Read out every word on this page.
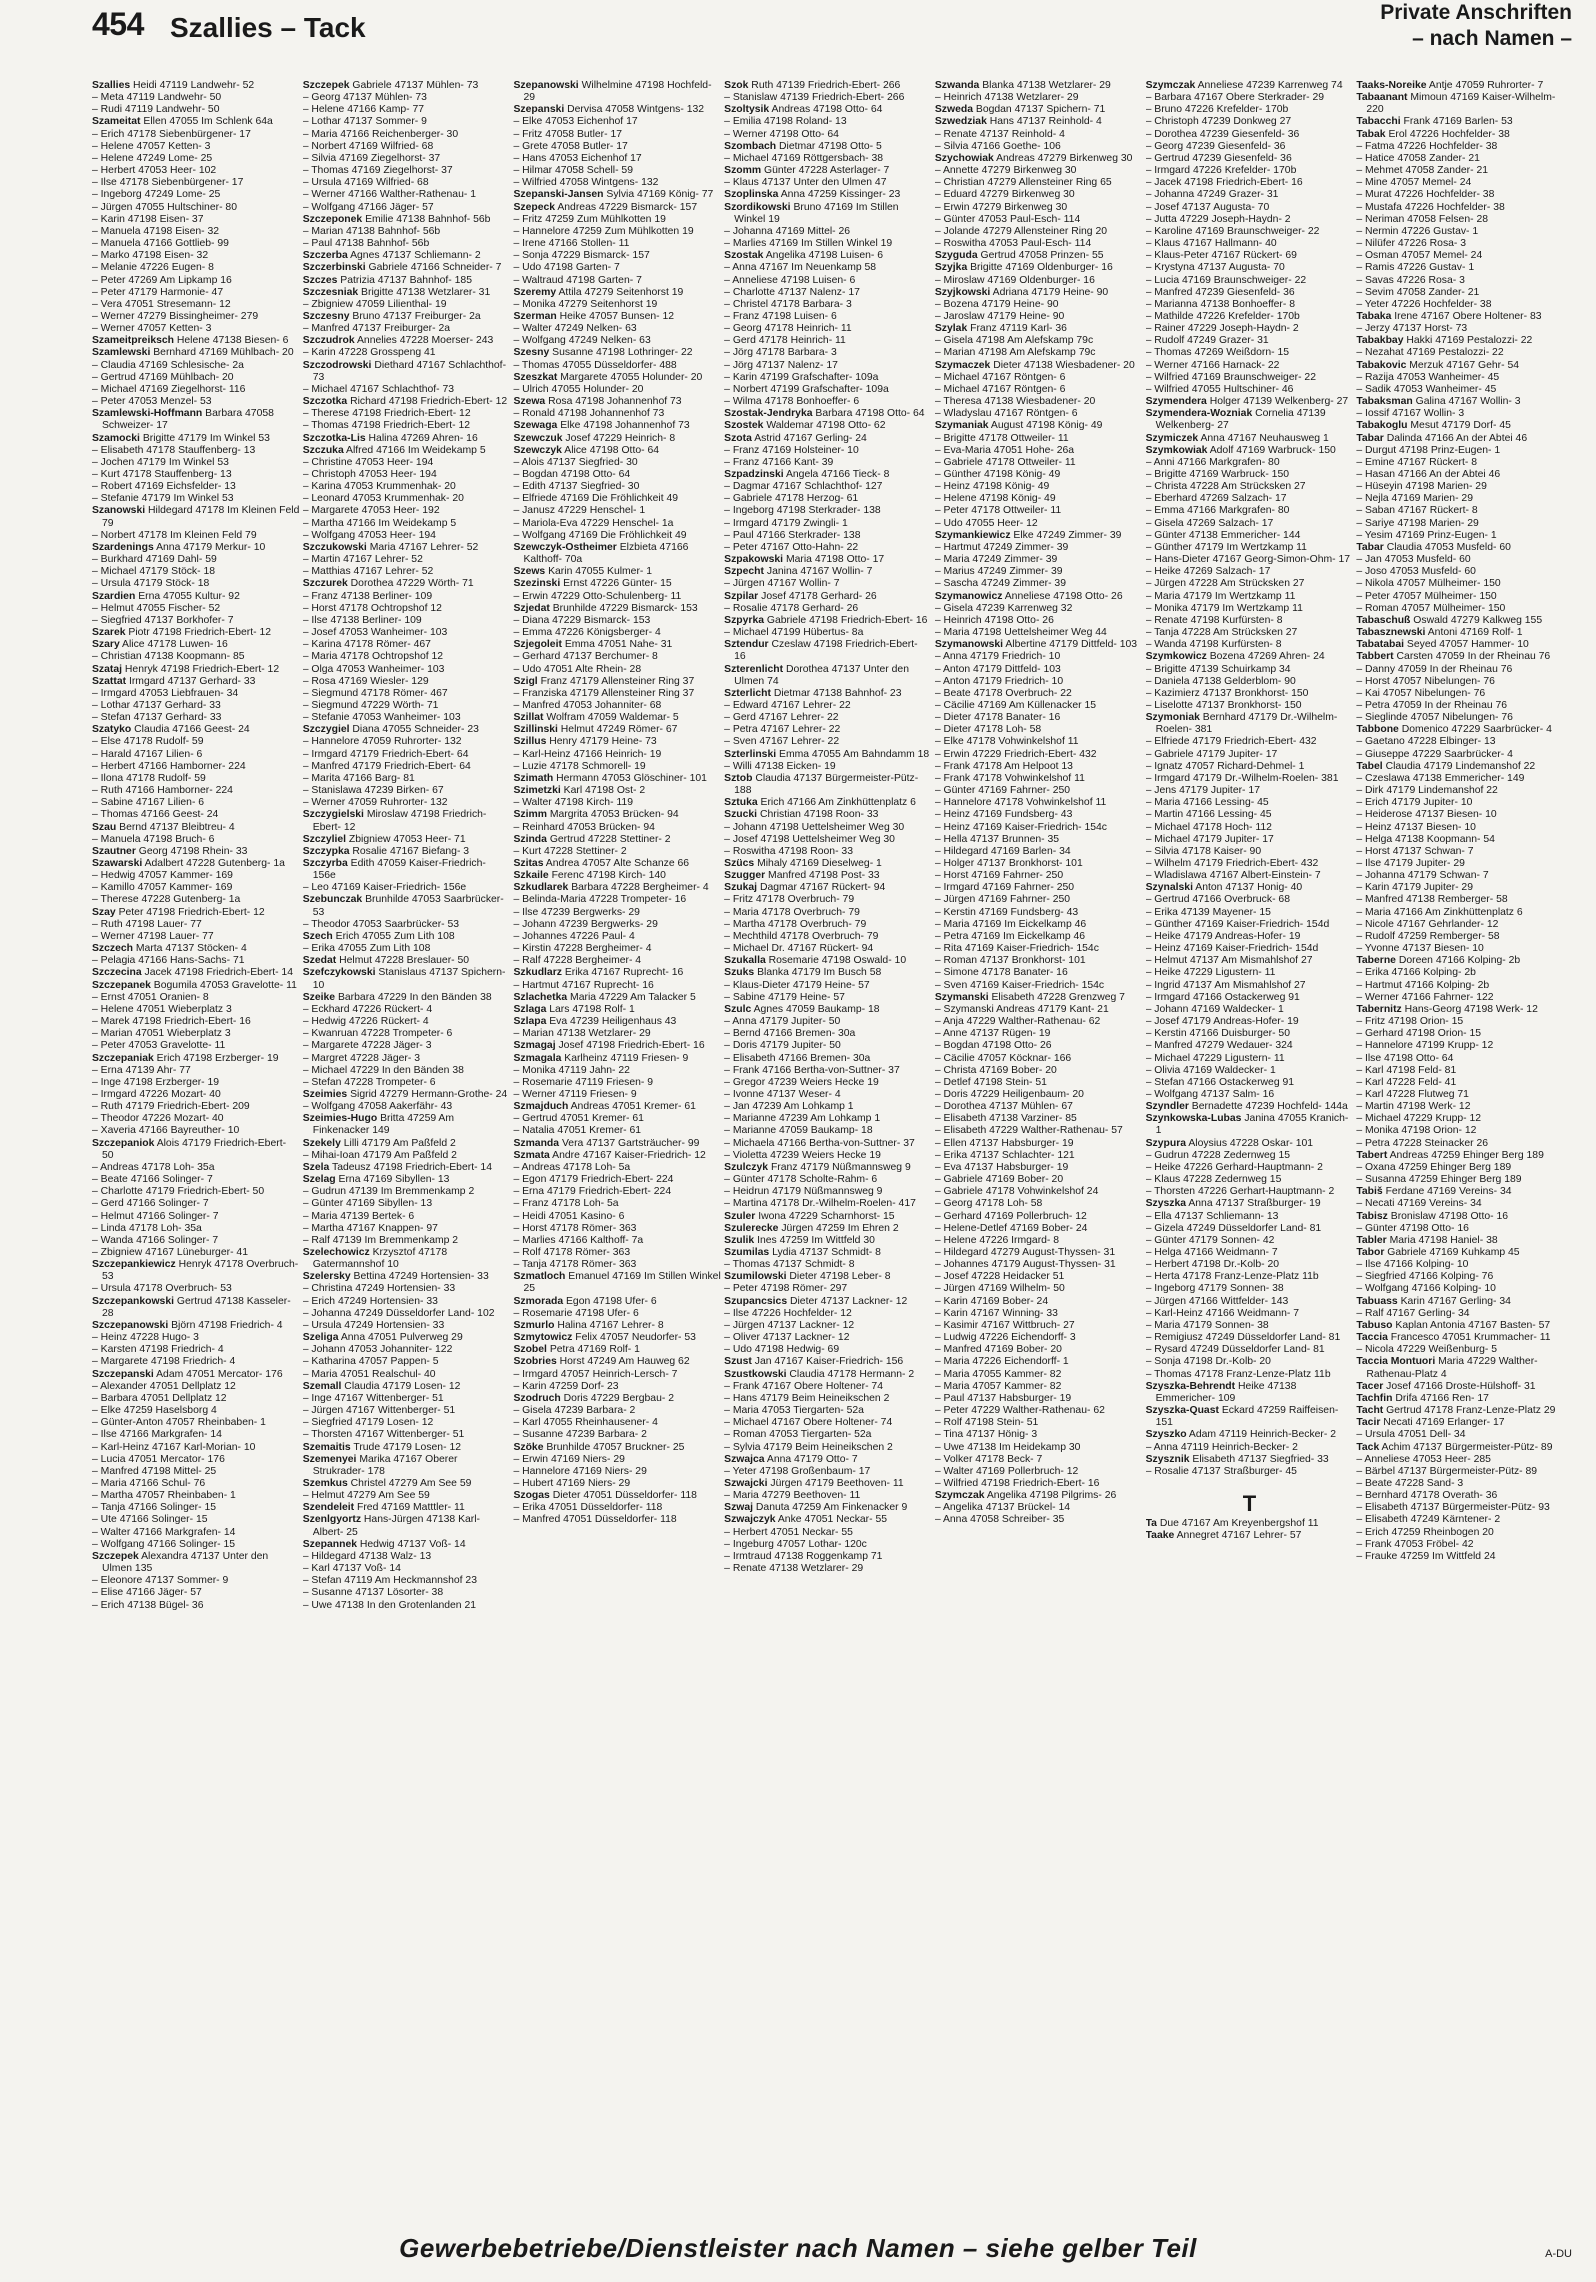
454 Szallies – Tack	Private Anschriften
– nach Namen –

Szallies Heidi 47119 Landwehr- 52

– Meta 47119 Landwehr- 50

– Rudi 47119 Landwehr- 50

Szameitat Ellen 47055 Im Schlenk 64a

– Erich 47178 Siebenbürgener- 17

– Helene 47057 Ketten- 3

– Helene 47249 Lome- 25

– Herbert 47053 Heer- 102

– Ilse 47178 Siebenbürgener- 17

– Ingeborg 47249 Lome- 25

– Jürgen 47055 Hultschiner- 80

– Karin 47198 Eisen- 37

– Manuela 47198 Eisen- 32

– Manuela 47166 Gottlieb- 99

– Marko 47198 Eisen- 32

– Melanie 47226 Eugen- 8

– Peter 47269 Am Lipkamp 16

– Peter 47179 Harmonie- 47

– Vera 47051 Stresemann- 12

– Werner 47279 Bissingheimer- 279

– Werner 47057 Ketten- 3

Szameitpreiksch Helene 47138 Biesen- 6

Szamlewski Bernhard 47169 Mühlbach- 20

– Claudia 47169 Schlesische- 2a

– Gertrud 47169 Mühlbach- 20

– Michael 47169 Ziegelhorst- 116

– Peter 47053 Menzel- 53

Szamlewski-Hoffmann Barbara 47058 Schweizer- 17

Szamocki Brigitte 47179 Im Winkel 53

– Elisabeth 47178 Stauffenberg- 13

– Jochen 47179 Im Winkel 53

– Kurt 47178 Stauffenberg- 13

– Robert 47169 Eichsfelder- 13

– Stefanie 47179 Im Winkel 53

Szanowski Hildegard 47178 Im Kleinen Feld 79

– Norbert 47178 Im Kleinen Feld 79

Szardenings Anna 47179 Merkur- 10

– Burkhard 47169 Dahl- 59

– Michael 47179 Stöck- 18

– Ursula 47179 Stöck- 18

Szardien Erna 47055 Kultur- 92

– Helmut 47055 Fischer- 52

– Siegfried 47137 Borkhofer- 7

Szarek Piotr 47198 Friedrich-Ebert- 12

Szary Alice 47178 Luwen- 16

– Christian 47138 Koopmann- 85

Szataj Henryk 47198 Friedrich-Ebert- 12

Szattat Irmgard 47137 Gerhard- 33

– Irmgard 47053 Liebfrauen- 34

– Lothar 47137 Gerhard- 33

– Stefan 47137 Gerhard- 33

Szatyko Claudia 47166 Geest- 24

– Else 47178 Rudolf- 59

– Harald 47167 Lilien- 6

– Herbert 47166 Hamborner- 224

– Ilona 47178 Rudolf- 59

– Ruth 47166 Hamborner- 224

– Sabine 47167 Lilien- 6

– Thomas 47166 Geest- 24

Szau Bernd 47137 Bleibtreu- 4

– Manuela 47198 Bruch- 6

Szautner Georg 47198 Rhein- 33

Szawarski Adalbert 47228 Gutenberg- 1a

– Hedwig 47057 Kammer- 169

– Kamillo 47057 Kammer- 169

– Therese 47228 Gutenberg- 1a

Szay Peter 47198 Friedrich-Ebert- 12

– Ruth 47198 Lauer- 77

– Werner 47198 Lauer- 77

Szczech Marta 47137 Stöcken- 4

– Pelagia 47166 Hans-Sachs- 71

Szczecina Jacek 47198 Friedrich-Ebert- 14

Szczepanek Bogumila 47053 Gravelotte- 11

– Ernst 47051 Oranien- 8

– Helene 47051 Wieberplatz 3

– Marek 47198 Friedrich-Ebert- 16

– Marian 47051 Wieberplatz 3

– Peter 47053 Gravelotte- 11

Szczepaniak Erich 47198 Erzberger- 19

– Erna 47139 Ahr- 77

– Inge 47198 Erzberger- 19

– Irmgard 47226 Mozart- 40

– Ruth 47179 Friedrich-Ebert- 209

– Theodor 47226 Mozart- 40

– Xaveria 47166 Bayreuther- 10

Szczepaniok Alois 47179 Friedrich-Ebert- 50

– Andreas 47178 Loh- 35a

– Beate 47166 Solinger- 7

– Charlotte 47179 Friedrich-Ebert- 50

– Gerd 47166 Solinger- 7

– Helmut 47166 Solinger- 7

– Linda 47178 Loh- 35a

– Wanda 47166 Solinger- 7

– Zbigniew 47167 Lüneburger- 41

Szczepankiewicz Henryk 47178 Overbruch- 53

– Ursula 47178 Overbruch- 53

Szczepankowski Gertrud 47138 Kasseler- 28

Szczepanowski Björn 47198 Friedrich- 4

– Heinz 47228 Hugo- 3

– Karsten 47198 Friedrich- 4

– Margarete 47198 Friedrich- 4

Szczepanski Adam 47051 Mercator- 176

– Alexander 47051 Dellplatz 12

– Barbara 47051 Dellplatz 12

– Elke 47259 Haselsborg 4

– Günter-Anton 47057 Rheinbaben- 1

– Ilse 47166 Markgrafen- 14

– Karl-Heinz 47167 Karl-Morian- 10

– Lucia 47051 Mercator- 176

– Manfred 47198 Mittel- 25

– Maria 47166 Schul- 76

– Martha 47057 Rheinbaben- 1

– Tanja 47166 Solinger- 15

– Ute 47166 Solinger- 15

– Walter 47166 Markgrafen- 14

– Wolfgang 47166 Solinger- 15

Szczepek Alexandra 47137 Unter den Ulmen 135

– Eleonore 47137 Sommer- 9

– Elise 47166 Jäger- 57

– Erich 47138 Bügel- 36

Szczepek Gabriele 47137 Mühlen- 73

– Georg 47137 Mühlen- 73

– Helene 47166 Kamp- 77

– Lothar 47137 Sommer- 9

– Maria 47166 Reichenberger- 30

– Norbert 47169 Wilfried- 68

– Silvia 47169 Ziegelhorst- 37

– Thomas 47169 Ziegelhorst- 37

– Ursula 47169 Wilfried- 68

– Werner 47166 Walther-Rathenau- 1

– Wolfgang 47166 Jäger- 57

Szczeponek Emilie 47138 Bahnhof- 56b

– Marian 47138 Bahnhof- 56b

– Paul 47138 Bahnhof- 56b

Szczerba Agnes 47137 Schliemann- 2

Szczerbinski Gabriele 47166 Schneider- 7

Szczes Patrizia 47137 Bahnhof- 185

Szczesniak Brigitte 47138 Wetzlarer- 31

– Zbigniew 47059 Lilienthal- 19

Szczesny Bruno 47137 Freiburger- 2a

– Manfred 47137 Freiburger- 2a

Szczudrok Annelies 47228 Moerser- 243

– Karin 47228 Grosspeng 41

Szczodrowski Diethard 47167 Schlachthof- 73

– Michael 47167 Schlachthof- 73

Szczotka Richard 47198 Friedrich-Ebert- 12

– Therese 47198 Friedrich-Ebert- 12

– Thomas 47198 Friedrich-Ebert- 12

Szczotka-Lis Halina 47269 Ahren- 16

Szczuka Alfred 47166 Im Weidekamp 5

– Christine 47053 Heer- 194

– Christoph 47053 Heer- 194

– Karina 47053 Krummenhak- 20

– Leonard 47053 Krummenhak- 20

– Margarete 47053 Heer- 192

– Martha 47166 Im Weidekamp 5

– Wolfgang 47053 Heer- 194

Szczukowski Maria 47167 Lehrer- 52

– Martin 47167 Lehrer- 52

– Matthias 47167 Lehrer- 52

Szczurek Dorothea 47229 Wörth- 71

– Franz 47138 Berliner- 109

– Horst 47178 Ochtropshof 12

– Ilse 47138 Berliner- 109

– Josef 47053 Wanheimer- 103

– Karina 47178 Römer- 467

– Maria 47178 Ochtropshof 12

– Olga 47053 Wanheimer- 103

– Rosa 47169 Wiesler- 129

– Siegmund 47178 Römer- 467

– Siegmund 47229 Wörth- 71

– Stefanie 47053 Wanheimer- 103

Szczygiel Diana 47055 Schneider- 23

– Hannelore 47059 Ruhrorter- 132

– Irmgard 47179 Friedrich-Ebert- 64

– Manfred 47179 Friedrich-Ebert- 64

– Marita 47166 Barg- 81

– Stanislawa 47239 Birken- 67

– Werner 47059 Ruhrorter- 132

Szczygielski Miroslaw 47198 Friedrich-Ebert- 12

Szczyliel Zbigniew 47053 Heer- 71

Szczypka Rosalie 47167 Biefang- 3

Szczyrba Edith 47059 Kaiser-Friedrich- 156e

– Leo 47169 Kaiser-Friedrich- 156e

Szebunczak Brunhilde 47053 Saarbrücker- 53

– Theodor 47053 Saarbrücker- 53

Szech Erich 47055 Zum Lith 108

– Erika 47055 Zum Lith 108

Szedat Helmut 47228 Breslauer- 50

Szefczykowski Stanislaus 47137 Spichern- 10

Szeike Barbara 47229 In den Bänden 38

– Eckhard 47226 Rückert- 4

– Hedwig 47226 Rückert- 4

– Kwanruan 47228 Trompeter- 6

– Margarete 47228 Jäger- 3

– Margret 47228 Jäger- 3

– Michael 47229 In den Bänden 38

– Stefan 47228 Trompeter- 6

Szeimies Sigrid 47279 Hermann-Grothe- 24

– Wolfgang 47058 Aakerfähr- 43

Szeimies-Hugo Britta 47259 Am Finkenacker 149

Szekely Lilli 47179 Am Paßfeld 2

– Mihai-Ioan 47179 Am Paßfeld 2

Szela Tadeusz 47198 Friedrich-Ebert- 14

Szelag Erna 47169 Sibyllen- 13

– Gudrun 47139 Im Bremmenkamp 2

– Günter 47169 Sibyllen- 13

– Maria 47139 Bertek- 6

– Martha 47167 Knappen- 97

– Ralf 47139 Im Bremmenkamp 2

Szelechowicz Krzysztof 47178 Gatermannshof 10

Szelersky Bettina 47249 Hortensien- 33

– Christina 47249 Hortensien- 33

– Erich 47249 Hortensien- 33

– Johanna 47249 Düsseldorfer Land- 102

– Ursula 47249 Hortensien- 33

Szeliga Anna 47051 Pulverweg 29

– Johann 47053 Johanniter- 122

– Katharina 47057 Pappen- 5

– Maria 47051 Realschul- 40

Szemall Claudia 47179 Losen- 12

– Inge 47167 Wittenberger- 51

– Jürgen 47167 Wittenberger- 51

– Siegfried 47179 Losen- 12

– Thorsten 47167 Wittenberger- 51

Szemaitis Trude 47179 Losen- 12

Szemenyei Marika 47167 Oberer Strukrader- 178

Szemkus Christel 47279 Am See 59

– Helmut 47279 Am See 59

Szendeleit Fred 47169 Matttler- 11

Szenlgyortz Hans-Jürgen 47138 Karl-Albert- 25

Szepannek Hedwig 47137 Voß- 14

– Hildegard 47138 Walz- 13

– Karl 47137 Voß- 14

– Stefan 47119 Am Heckmannshof 23

– Susanne 47137 Lösorter- 38

– Uwe 47138 In den Grotenlanden 21

Szepanowski Wilhelmine 47198 Hochfeld- 29

Szepanski Dervisa 47058 Wintgens- 132

– Elke 47053 Eichenhof 17

– Fritz 47058 Butler- 17

– Grete 47058 Butler- 17

– Hans 47053 Eichenhof 17

– Hilmar 47058 Schell- 59

– Wilfried 47058 Wintgens- 132

Szepanski-Jansen Sylvia 47169 König- 77

Szepeck Andreas 47229 Bismarck- 157

– Fritz 47259 Zum Mühlkotten 19

– Hannelore 47259 Zum Mühlkotten 19

– Irene 47166 Stollen- 11

– Sonja 47229 Bismarck- 157

– Udo 47198 Garten- 7

– Waltraud 47198 Garten- 7

Szeremy Attila 47279 Seitenhorst 19

– Monika 47279 Seitenhorst 19

Szerman Heike 47057 Bunsen- 12

– Walter 47249 Nelken- 63

– Wolfgang 47249 Nelken- 63

Szesny Susanne 47198 Lothringer- 22

– Thomas 47055 Düsseldorfer- 488

Szeszkat Margarete 47055 Holunder- 20

– Ulrich 47055 Holunder- 20

Szewa Rosa 47198 Johannenhof 73

– Ronald 47198 Johannenhof 73

Szewaga Elke 47198 Johannenhof 73

Szewczuk Josef 47229 Heinrich- 8

Szewczyk Alice 47198 Otto- 64

– Alois 47137 Siegfried- 30

– Bogdan 47198 Otto- 64

– Edith 47137 Siegfried- 30

– Elfriede 47169 Die Fröhlichkeit 49

– Janusz 47229 Henschel- 1

– Mariola-Eva 47229 Henschel- 1a

– Wolfgang 47169 Die Fröhlichkeit 49

Szewczyk-Ostheimer Elzbieta 47166 Kalthoff- 70a

Szews Karin 47055 Kulmer- 1

Szezinski Ernst 47226 Günter- 15

– Erwin 47229 Otto-Schulenberg- 11

Szjedat Brunhilde 47229 Bismarck- 153

– Diana 47229 Bismarck- 153

– Emma 47226 Königsberger- 4

Szjegoleit Emma 47051 Nahe- 31

– Gerhard 47137 Berchumer- 8

– Udo 47051 Alte Rhein- 28

Szigl Franz 47179 Allensteiner Ring 37

– Franziska 47179 Allensteiner Ring 37

– Manfred 47053 Johanniter- 68

Szillat Wolfram 47059 Waldemar- 5

Szillinski Helmut 47249 Römer- 67

Szillus Henry 47179 Heine- 73

– Karl-Heinz 47166 Heinrich- 19

– Luzie 47178 Schmorell- 19

Szimath Hermann 47053 Glöschiner- 101

Szimetzki Karl 47198 Ost- 2

– Walter 47198 Kirch- 119

Szimm Margrita 47053 Brücken- 94

– Reinhard 47053 Brücken- 94

Szinda Gertrud 47228 Stettiner- 2

– Kurt 47228 Stettiner- 2

Szitas Andrea 47057 Alte Schanze 66

Szkaile Ferenc 47198 Kirch- 140

Szkudlarek Barbara 47228 Bergheimer- 4

– Belinda-Maria 47228 Trompeter- 16

– Ilse 47239 Bergwerks- 29

– Johann 47239 Bergwerks- 29

– Johannes 47226 Paul- 4

– Kirstin 47228 Bergheimer- 4

– Ralf 47228 Bergheimer- 4

Szkudlarz Erika 47167 Ruprecht- 16

– Hartmut 47167 Ruprecht- 16

Szlachetka Maria 47229 Am Talacker 5

Szlaga Lars 47198 Rolf- 1

Szlapa Eva 47239 Heiligenhaus 43

– Marian 47138 Wetzlarer- 29

Szmagaj Josef 47198 Friedrich-Ebert- 16

Szmagala Karlheinz 47119 Friesen- 9

– Monika 47119 Jahn- 22

– Rosemarie 47119 Friesen- 9

– Werner 47119 Friesen- 9

Szmajduch Andreas 47051 Kremer- 61

– Gertrud 47051 Kremer- 61

– Natalia 47051 Kremer- 61

Szmanda Vera 47137 Gartsträucher- 99

Szmata Andre 47167 Kaiser-Friedrich- 12

– Andreas 47178 Loh- 5a

– Egon 47179 Friedrich-Ebert- 224

– Erna 47179 Friedrich-Ebert- 224

– Franz 47178 Loh- 5a

– Heidi 47051 Kasino- 6

– Horst 47178 Römer- 363

– Marlies 47166 Kalthoff- 7a

– Rolf 47178 Römer- 363

– Tanja 47178 Römer- 363

Szmatloch Emanuel 47169 Im Stillen Winkel 25

Szmorada Egon 47198 Ufer- 6

– Rosemarie 47198 Ufer- 6

Szmurlo Halina 47167 Lehrer- 8

Szmytowicz Felix 47057 Neudorfer- 53

Szobel Petra 47169 Rolf- 1

Szobries Horst 47249 Am Hauweg 62

– Irmgard 47057 Heinrich-Lersch- 7

– Karin 47259 Dorf- 23

Szodruch Doris 47229 Bergbau- 2

– Gisela 47239 Barbara- 2

– Karl 47055 Rheinhausener- 4

– Susanne 47239 Barbara- 2

Szöke Brunhilde 47057 Bruckner- 25

– Erwin 47169 Niers- 29

– Hannelore 47169 Niers- 29

– Hubert 47169 Niers- 29

Szogas Dieter 47051 Düsseldorfer- 118

– Erika 47051 Düsseldorfer- 118

– Manfred 47051 Düsseldorfer- 118

Szok Ruth 47139 Friedrich-Ebert- 266

– Stanislaw 47139 Friedrich-Ebert- 266

Szoltysik Andreas 47198 Otto- 64

– Emilia 47198 Roland- 13

– Werner 47198 Otto- 64

Szombach Dietmar 47198 Otto- 5

– Michael 47169 Röttgersbach- 38

Szomm Günter 47228 Asterlager- 7

– Klaus 47137 Unter den Ulmen 47

Szoplinska Anna 47259 Kissinger- 23

Szordikowski Bruno 47169 Im Stillen Winkel 19

– Johanna 47169 Mittel- 26

– Marlies 47169 Im Stillen Winkel 19

Szostak Angelika 47198 Luisen- 6

– Anna 47167 Im Neuenkamp 58

– Anneliese 47198 Luisen- 6

– Charlotte 47137 Nalenz- 17

– Christel 47178 Barbara- 3

– Franz 47198 Luisen- 6

– Georg 47178 Heinrich- 11

– Gerd 47178 Heinrich- 11

– Jörg 47178 Barbara- 3

– Jörg 47137 Nalenz- 17

– Karin 47199 Grafschafter- 109a

– Norbert 47199 Grafschafter- 109a

– Wilma 47178 Bonhoeffer- 6

Szostak-Jendryka Barbara 47198 Otto- 64

Szostek Waldemar 47198 Otto- 62

Szota Astrid 47167 Gerling- 24

– Franz 47169 Holsteiner- 10

– Franz 47166 Kant- 39

Szpadzinski Angela 47166 Tieck- 8

– Dagmar 47167 Schlachthof- 127

– Gabriele 47178 Herzog- 61

– Ingeborg 47198 Sterkrader- 138

– Irmgard 47179 Zwingli- 1

– Paul 47166 Sterkrader- 138

– Peter 47167 Otto-Hahn- 22

Szpakowski Maria 47198 Otto- 17

Szpecht Janina 47167 Wollin- 7

– Jürgen 47167 Wollin- 7

Szpilar Josef 47178 Gerhard- 26

– Rosalie 47178 Gerhard- 26

Szpyrka Gabriele 47198 Friedrich-Ebert- 16

– Michael 47199 Hübertus- 8a

Sztendur Czeslaw 47198 Friedrich-Ebert- 16

Szterenlicht Dorothea 47137 Unter den Ulmen 74

Szterlicht Dietmar 47138 Bahnhof- 23

– Edward 47167 Lehrer- 22

– Gerd 47167 Lehrer- 22

– Petra 47167 Lehrer- 22

– Sven 47167 Lehrer- 22

Szterlinski Emma 47055 Am Bahndamm 18

– Willi 47138 Eicken- 19

Sztob Claudia 47137 Bürgermeister-Pütz- 188

Sztuka Erich 47166 Am Zinkhüttenplatz 6

Szucki Christian 47198 Roon- 33

– Johann 47198 Uettelsheimer Weg 30

– Josef 47198 Uettelsheimer Weg 30

– Roswitha 47198 Roon- 33

Szücs Mihaly 47169 Dieselweg- 1

Szugger Manfred 47198 Post- 33

Szukaj Dagmar 47167 Rückert- 94

– Fritz 47178 Overbruch- 79

– Maria 47178 Overbruch- 79

– Martha 47178 Overbruch- 79

– Mechthild 47178 Overbruch- 79

– Michael Dr. 47167 Rückert- 94

Szukalla Rosemarie 47198 Oswald- 10

Szuks Blanka 47179 Im Busch 58

– Klaus-Dieter 47179 Heine- 57

– Sabine 47179 Heine- 57

Szulc Agnes 47059 Baukamp- 18

– Anna 47179 Jupiter- 50

– Bernd 47166 Bremen- 30a

– Doris 47179 Jupiter- 50

– Elisabeth 47166 Bremen- 30a

– Frank 47166 Bertha-von-Suttner- 37

– Gregor 47239 Weiers Hecke 19

– Ivonne 47137 Weser- 4

– Jan 47239 Am Lohkamp 1

– Marianne 47239 Am Lohkamp 1

– Marianne 47059 Baukamp- 18

– Michaela 47166 Bertha-von-Suttner- 37

– Violetta 47239 Weiers Hecke 19

Szulczyk Franz 47179 Nüßmannsweg 9

– Günter 47178 Scholte-Rahm- 6

– Heidrun 47179 Nüßmannsweg 9

– Martina 47178 Dr.-Wilhelm-Roelen- 417

Szuler Iwona 47229 Scharnhorst- 15

Szulerecke Jürgen 47259 Im Ehren 2

Szulik Ines 47259 Im Wittfeld 30

Szumilas Lydia 47137 Schmidt- 8

– Thomas 47137 Schmidt- 8

Szumilowski Dieter 47198 Leber- 8

– Peter 47198 Römer- 297

Szupancsics Dieter 47137 Lackner- 12

– Ilse 47226 Hochfelder- 12

– Jürgen 47137 Lackner- 12

– Oliver 47137 Lackner- 12

– Udo 47198 Hedwig- 69

Szust Jan 47167 Kaiser-Friedrich- 156

Szustkowski Claudia 47178 Hermann- 2

– Frank 47167 Obere Holtener- 74

– Hans 47179 Beim Heineikschen 2

– Maria 47053 Tiergarten- 52a

– Michael 47167 Obere Holtener- 74

– Roman 47053 Tiergarten- 52a

– Sylvia 47179 Beim Heineikschen 2

Szwajca Anna 47179 Otto- 7

– Yeter 47198 Großenbaum- 17

Szwajcki Jürgen 47179 Beethoven- 11

– Maria 47279 Beethoven- 11

Szwaj Danuta 47259 Am Finkenacker 9

Szwajczyk Anke 47051 Neckar- 55

– Herbert 47051 Neckar- 55

– Ingeburg 47057 Lothar- 120c

– Irmtraud 47138 Roggenkamp 71

– Renate 47138 Wetzlarer- 29

Szwanda Blanka 47138 Wetzlarer- 29

– Heinrich 47138 Wetzlarer- 29

Szweda Bogdan 47137 Spichern- 71

Szwedziak Hans 47137 Reinhold- 4

– Renate 47137 Reinhold- 4

– Silvia 47166 Goethe- 106

Szychowiak Andreas 47279 Birkenweg 30

– Annette 47279 Birkenweg 30

– Christian 47279 Allensteiner Ring 65

– Eduard 47279 Birkenweg 30

– Erwin 47279 Birkenweg 30

– Günter 47053 Paul-Esch- 114

– Jolande 47279 Allensteiner Ring 20

– Roswitha 47053 Paul-Esch- 114

Szyguda Gertrud 47058 Prinzen- 55

Szyjka Brigitte 47169 Oldenburger- 16

– Miroslaw 47169 Oldenburger- 16

Szyjkowski Adriana 47179 Heine- 90

– Bozena 47179 Heine- 90

– Jaroslaw 47179 Heine- 90

Szylak Franz 47119 Karl- 36

– Gisela 47198 Am Alefskamp 79c

– Marian 47198 Am Alefskamp 79c

Szymaczek Dieter 47138 Wiesbadener- 20

– Michael 47167 Röntgen- 6

– Michael 47167 Röntgen- 6

– Theresa 47138 Wiesbadener- 20

– Wladyslau 47167 Röntgen- 6

Szymaniak August 47198 König- 49

– Brigitte 47178 Ottweiler- 11

– Eva-Maria 47051 Hohe- 26a

– Gabriele 47178 Ottweiler- 11

– Günther 47198 König- 49

– Heinz 47198 König- 49

– Helene 47198 König- 49

– Peter 47178 Ottweiler- 11

– Udo 47055 Heer- 12

Szymankiewicz Elke 47249 Zimmer- 39

– Hartmut 47249 Zimmer- 39

– Maria 47249 Zimmer- 39

– Marius 47249 Zimmer- 39

– Sascha 47249 Zimmer- 39

Szymanowicz Anneliese 47198 Otto- 26

– Gisela 47239 Karrenweg 32

– Heinrich 47198 Otto- 26

– Maria 47198 Uettelsheimer Weg 44

Szymanowski Albertine 47179 Dittfeld- 103

– Anna 47179 Friedrich- 10

– Anton 47179 Dittfeld- 103

– Anton 47179 Friedrich- 10

– Beate 47178 Overbruch- 22

– Cäcilie 47169 Am Küllenacker 15

– Dieter 47178 Banater- 16

– Dieter 47178 Loh- 58

– Elke 47178 Vohwinkelshof 11

– Erwin 47229 Friedrich-Ebert- 432

– Frank 47178 Am Helpoot 13

– Frank 47178 Vohwinkelshof 11

– Günter 47169 Fahrner- 250

– Hannelore 47178 Vohwinkelshof 11

– Heinz 47169 Fundsberg- 43

– Heinz 47169 Kaiser-Friedrich- 154c

– Hella 47137 Brunnen- 35

– Hildegard 47169 Barlen- 34

– Holger 47137 Bronkhorst- 101

– Horst 47169 Fahrner- 250

– Irmgard 47169 Fahrner- 250

– Jürgen 47169 Fahrner- 250

– Kerstin 47169 Fundsberg- 43

– Maria 47169 Im Eickelkamp 46

– Petra 47169 Im Eickelkamp 46

– Rita 47169 Kaiser-Friedrich- 154c

– Roman 47137 Bronkhorst- 101

– Simone 47178 Banater- 16

– Sven 47169 Kaiser-Friedrich- 154c

Szymanski Elisabeth 47228 Grenzweg 7

– Szymanski Andreas 47179 Kant- 21

– Anja 47229 Walther-Rathenau- 62

– Anne 47137 Rügen- 19

– Bogdan 47198 Otto- 26

– Cäcilie 47057 Köcknar- 166

– Christa 47169 Bober- 20

– Detlef 47198 Stein- 51

– Doris 47229 Heiligenbaum- 20

– Dorothea 47137 Mühlen- 67

– Elisabeth 47138 Varziner- 85

– Elisabeth 47229 Walther-Rathenau- 57

– Ellen 47137 Habsburger- 19

– Erika 47137 Schlachter- 121

– Eva 47137 Habsburger- 19

– Gabriele 47169 Bober- 20

– Gabriele 47178 Vohwinkelshof 24

– Georg 47178 Loh- 58

– Gerhard 47169 Pollerbruch- 12

– Helene-Detlef 47169 Bober- 24

– Helene 47226 Irmgard- 8

– Hildegard 47279 August-Thyssen- 31

– Johannes 47179 August-Thyssen- 31

– Josef 47228 Heidacker 51

– Jürgen 47169 Wilhelm- 50

– Karin 47169 Bober- 24

– Karin 47167 Winning- 33

– Kasimir 47167 Wittbruch- 27

– Ludwig 47226 Eichendorff- 3

– Manfred 47169 Bober- 20

– Maria 47226 Eichendorff- 1

– Maria 47055 Kammer- 82

– Maria 47057 Kammer- 82

– Paul 47137 Habsburger- 19

– Peter 47229 Walther-Rathenau- 62

– Rolf 47198 Stein- 51

– Tina 47137 Hönig- 3

– Uwe 47138 Im Heidekamp 30

– Volker 47178 Beck- 7

– Walter 47169 Pollerbruch- 12

– Wilfried 47198 Friedrich-Ebert- 16

Szymczak Angelika 47198 Pilgrims- 26

– Angelika 47137 Brückel- 14

– Anna 47058 Schreiber- 35

Szymczak Anneliese 47239 Karrenweg 74

– Barbara 47167 Obere Sterkrader- 29

– Bruno 47226 Krefelder- 170b

– Christoph 47239 Donkweg 27

– Dorothea 47239 Giesenfeld- 36

– Georg 47239 Giesenfeld- 36

– Gertrud 47239 Giesenfeld- 36

– Irmgard 47226 Krefelder- 170b

– Jacek 47198 Friedrich-Ebert- 16

– Johanna 47249 Grazer- 31

– Josef 47137 Augusta- 70

– Jutta 47229 Joseph-Haydn- 2

– Karoline 47169 Braunschweiger- 22

– Klaus 47167 Hallmann- 40

– Klaus-Peter 47167 Rückert- 69

– Krystyna 47137 Augusta- 70

– Lucia 47169 Braunschweiger- 22

– Manfred 47239 Giesenfeld- 36

– Marianna 47138 Bonhoeffer- 8

– Mathilde 47226 Krefelder- 170b

– Rainer 47229 Joseph-Haydn- 2

– Rudolf 47249 Grazer- 31

– Thomas 47269 Weißdorn- 15

– Werner 47166 Harnack- 22

– Wilfried 47169 Braunschweiger- 22

– Wilfried 47055 Hultschiner- 46

Szymendera Holger 47139 Welkenberg- 27

Szymendera-Wozniak Cornelia 47139 Welkenberg- 27

Szymiczek Anna 47167 Neuhausweg 1

Szymkowiak Adolf 47169 Warbruck- 150

– Anni 47166 Markgrafen- 80

– Brigitte 47169 Warbruck- 150

– Christa 47228 Am Strücksken 27

– Eberhard 47269 Salzach- 17

– Emma 47166 Markgrafen- 80

– Gisela 47269 Salzach- 17

– Günter 47138 Emmericher- 144

– Günther 47179 Im Wertzkamp 11

– Hans-Dieter 47167 Georg-Simon-Ohm- 17

– Heike 47269 Salzach- 17

– Jürgen 47228 Am Strücksken 27

– Maria 47179 Im Wertzkamp 11

– Monika 47179 Im Wertzkamp 11

– Renate 47198 Kurfürsten- 8

– Tanja 47228 Am Strücksken 27

– Wanda 47198 Kurfürsten- 8

Szymkowicz Bozena 47269 Ahren- 24

– Brigitte 47139 Schuirkamp 34

– Daniela 47138 Gelderblom- 90

– Kazimierz 47137 Bronkhorst- 150

– Liselotte 47137 Bronkhorst- 150

Szymoniak Bernhard 47179 Dr.-Wilhelm-Roelen- 381

– Elfriede 47179 Friedrich-Ebert- 432

– Gabriele 47179 Jupiter- 17

– Ignatz 47057 Richard-Dehmel- 1

– Irmgard 47179 Dr.-Wilhelm-Roelen- 381

– Jens 47179 Jupiter- 17

– Maria 47166 Lessing- 45

– Martin 47166 Lessing- 45

– Michael 47178 Hoch- 112

– Michael 47179 Jupiter- 17

– Silvia 47178 Kaiser- 90

– Wilhelm 47179 Friedrich-Ebert- 432

– Wladislawa 47167 Albert-Einstein- 7

Szynalski Anton 47137 Honig- 40

– Gertrud 47166 Overbruck- 68

– Erika 47139 Mayener- 15

– Günther 47169 Kaiser-Friedrich- 154d

– Heike 47179 Andreas-Hofer- 19

– Heinz 47169 Kaiser-Friedrich- 154d

– Helmut 47137 Am Mismahlshof 27

– Heike 47229 Ligustern- 11

– Ingrid 47137 Am Mismahlshof 27

– Irmgard 47166 Ostackerweg 91

– Johann 47169 Waldecker- 1

– Josef 47179 Andreas-Hofer- 19

– Kerstin 47166 Duisburger- 50

– Manfred 47279 Wedauer- 324

– Michael 47229 Ligustern- 11

– Olivia 47169 Waldecker- 1

– Stefan 47166 Ostackerweg 91

– Wolfgang 47137 Salm- 16

Szyndler Bernadette 47239 Hochfeld- 144a

Szynkowska-Lubas Janina 47055 Kranich- 1

Szypura Aloysius 47228 Oskar- 101

– Gudrun 47228 Zedernweg 15

– Heike 47226 Gerhard-Hauptmann- 2

– Klaus 47228 Zedernweg 15

– Thorsten 47226 Gerhart-Hauptmann- 2

Szyszka Anna 47137 Straßburger- 19

– Ella 47137 Schliemann- 13

– Gizela 47249 Düsseldorfer Land- 81

– Günter 47179 Sonnen- 42

– Helga 47166 Weidmann- 7

– Herbert 47198 Dr.-Kolb- 20

– Herta 47178 Franz-Lenze-Platz 11b

– Ingeborg 47179 Sonnen- 38

– Jürgen 47166 Wittfelder- 143

– Karl-Heinz 47166 Weidmann- 7

– Maria 47179 Sonnen- 38

– Remigiusz 47249 Düsseldorfer Land- 81

– Rysard 47249 Düsseldorfer Land- 81

– Sonja 47198 Dr.-Kolb- 20

– Thomas 47178 Franz-Lenze-Platz 11b

Szyszka-Behrendt Heike 47138 Emmericher- 109

Szyszka-Quast Eckard 47259 Raiffeisen- 151

Szyszko Adam 47119 Heinrich-Becker- 2

– Anna 47119 Heinrich-Becker- 2

Szysznik Elisabeth 47137 Siegfried- 33

– Rosalie 47137 Straßburger- 45

T

Ta Due 47167 Am Kreyenbergshof 11

Taake Annegret 47167 Lehrer- 57

Taaks-Noreike Antje 47059 Ruhrorter- 7

Tabaanant Mimoun 47169 Kaiser-Wilhelm- 220

Tabacchi Frank 47169 Barlen- 53

Tabak Erol 47226 Hochfelder- 38

– Fatma 47226 Hochfelder- 38

– Hatice 47058 Zander- 21

– Mehmet 47058 Zander- 21

– Mine 47057 Memel- 24

– Murat 47226 Hochfelder- 38

– Mustafa 47226 Hochfelder- 38

– Neriman 47058 Felsen- 28

– Nermin 47226 Gustav- 1

– Nilüfer 47226 Rosa- 3

– Osman 47057 Memel- 24

– Ramis 47226 Gustav- 1

– Savas 47226 Rosa- 3

– Sevim 47058 Zander- 21

– Yeter 47226 Hochfelder- 38

Tabaka Irene 47167 Obere Holtener- 83

– Jerzy 47137 Horst- 73

Tabakbay Hakki 47169 Pestalozzi- 22

– Nezahat 47169 Pestalozzi- 22

Tabakovic Merzuk 47167 Gehr- 54

– Razija 47053 Wanheimer- 45

– Sadik 47053 Wanheimer- 45

Tabaksman Galina 47167 Wollin- 3

– Iossif 47167 Wollin- 3

Tabakoglu Mesut 47179 Dorf- 45

Tabar Dalinda 47166 An der Abtei 46

– Durgut 47198 Prinz-Eugen- 1

– Emine 47167 Rückert- 8

– Hasan 47166 An der Abtei 46

– Hüseyin 47198 Marien- 29

– Nejla 47169 Marien- 29

– Saban 47167 Rückert- 8

– Sariye 47198 Marien- 29

– Yesim 47169 Prinz-Eugen- 1

Tabar Claudia 47053 Musfeld- 60

– Jan 47053 Musfeld- 60

– Joso 47053 Musfeld- 60

– Nikola 47057 Mülheimer- 150

– Peter 47057 Mülheimer- 150

– Roman 47057 Mülheimer- 150

Tabaschuß Oswald 47279 Kalkweg 155

Tabasznewski Antoni 47169 Rolf- 1

Tabatabai Seyed 47057 Hammer- 10

Tabbert Carsten 47059 In der Rheinau 76

– Danny 47059 In der Rheinau 76

– Horst 47057 Nibelungen- 76

– Kai 47057 Nibelungen- 76

– Petra 47059 In der Rheinau 76

– Sieglinde 47057 Nibelungen- 76

Tabbone Domenico 47229 Saarbrücker- 4

– Gaetano 47228 Elbinger- 13

– Giuseppe 47229 Saarbrücker- 4

Tabel Claudia 47179 Lindemanshof 22

– Czeslawa 47138 Emmericher- 149

– Dirk 47179 Lindemanshof 22

– Erich 47179 Jupiter- 10

– Heiderose 47137 Biesen- 10

– Heinz 47137 Biesen- 10

– Helga 47138 Koopmann- 54

– Horst 47137 Schwan- 7

– Ilse 47179 Jupiter- 29

– Johanna 47179 Schwan- 7

– Karin 47179 Jupiter- 29

– Manfred 47138 Remberger- 58

– Maria 47166 Am Zinkhüttenplatz 6

– Nicole 47167 Gehrlander- 12

– Rudolf 47259 Remberger- 58

– Yvonne 47137 Biesen- 10

Taberne Doreen 47166 Kolping- 2b

– Erika 47166 Kolping- 2b

– Hartmut 47166 Kolping- 2b

– Werner 47166 Fahrner- 122

Tabernitz Hans-Georg 47198 Werk- 12

– Fritz 47198 Orion- 15

– Gerhard 47198 Orion- 15

– Hannelore 47199 Krupp- 12

– Ilse 47198 Otto- 64

– Karl 47198 Feld- 81

– Karl 47228 Feld- 41

– Karl 47228 Flutweg 71

– Martin 47198 Werk- 12

– Michael 47229 Krupp- 12

– Monika 47198 Orion- 12

– Petra 47228 Steinacker 26

Tabert Andreas 47259 Ehinger Berg 189

– Oxana 47259 Ehinger Berg 189

– Susanna 47259 Ehinger Berg 189

Tabiš Ferdane 47169 Vereins- 34

– Necati 47169 Vereins- 34

Tabisz Bronislaw 47198 Otto- 16

– Günter 47198 Otto- 16

Tabler Maria 47198 Haniel- 38

Tabor Gabriele 47169 Kuhkamp 45

– Ilse 47166 Kolping- 10

– Siegfried 47166 Kolping- 76

– Wolfgang 47166 Kolping- 10

Tabuass Karin 47167 Gerling- 34

– Ralf 47167 Gerling- 34

Tabuso Kaplan Antonia 47167 Basten- 57

Taccia Francesco 47051 Krummacher- 11

– Nicola 47229 Weißenburg- 5

Taccia Montuori Maria 47229 Walther-Rathenau-Platz 4

Tacer Josef 47166 Droste-Hülshoff- 31

Tachfin Drifa 47166 Ren- 17

Tacht Gertrud 47178 Franz-Lenze-Platz 29

Tacir Necati 47169 Erlanger- 17

– Ursula 47051 Dell- 34

Tack Achim 47137 Bürgermeister-Pütz- 89

– Anneliese 47053 Heer- 285

– Bärbel 47137 Bürgermeister-Pütz- 89

– Beate 47228 Sand- 3

– Bernhard 47178 Overath- 36

– Elisabeth 47137 Bürgermeister-Pütz- 93

– Elisabeth 47249 Kärntener- 2

– Erich 47259 Rheinbogen 20

– Frank 47053 Fröbel- 42

– Frauke 47259 Im Wittfeld 24

Gewerbebetriebe/Dienstleister nach Namen – siehe gelber Teil	A-DU
